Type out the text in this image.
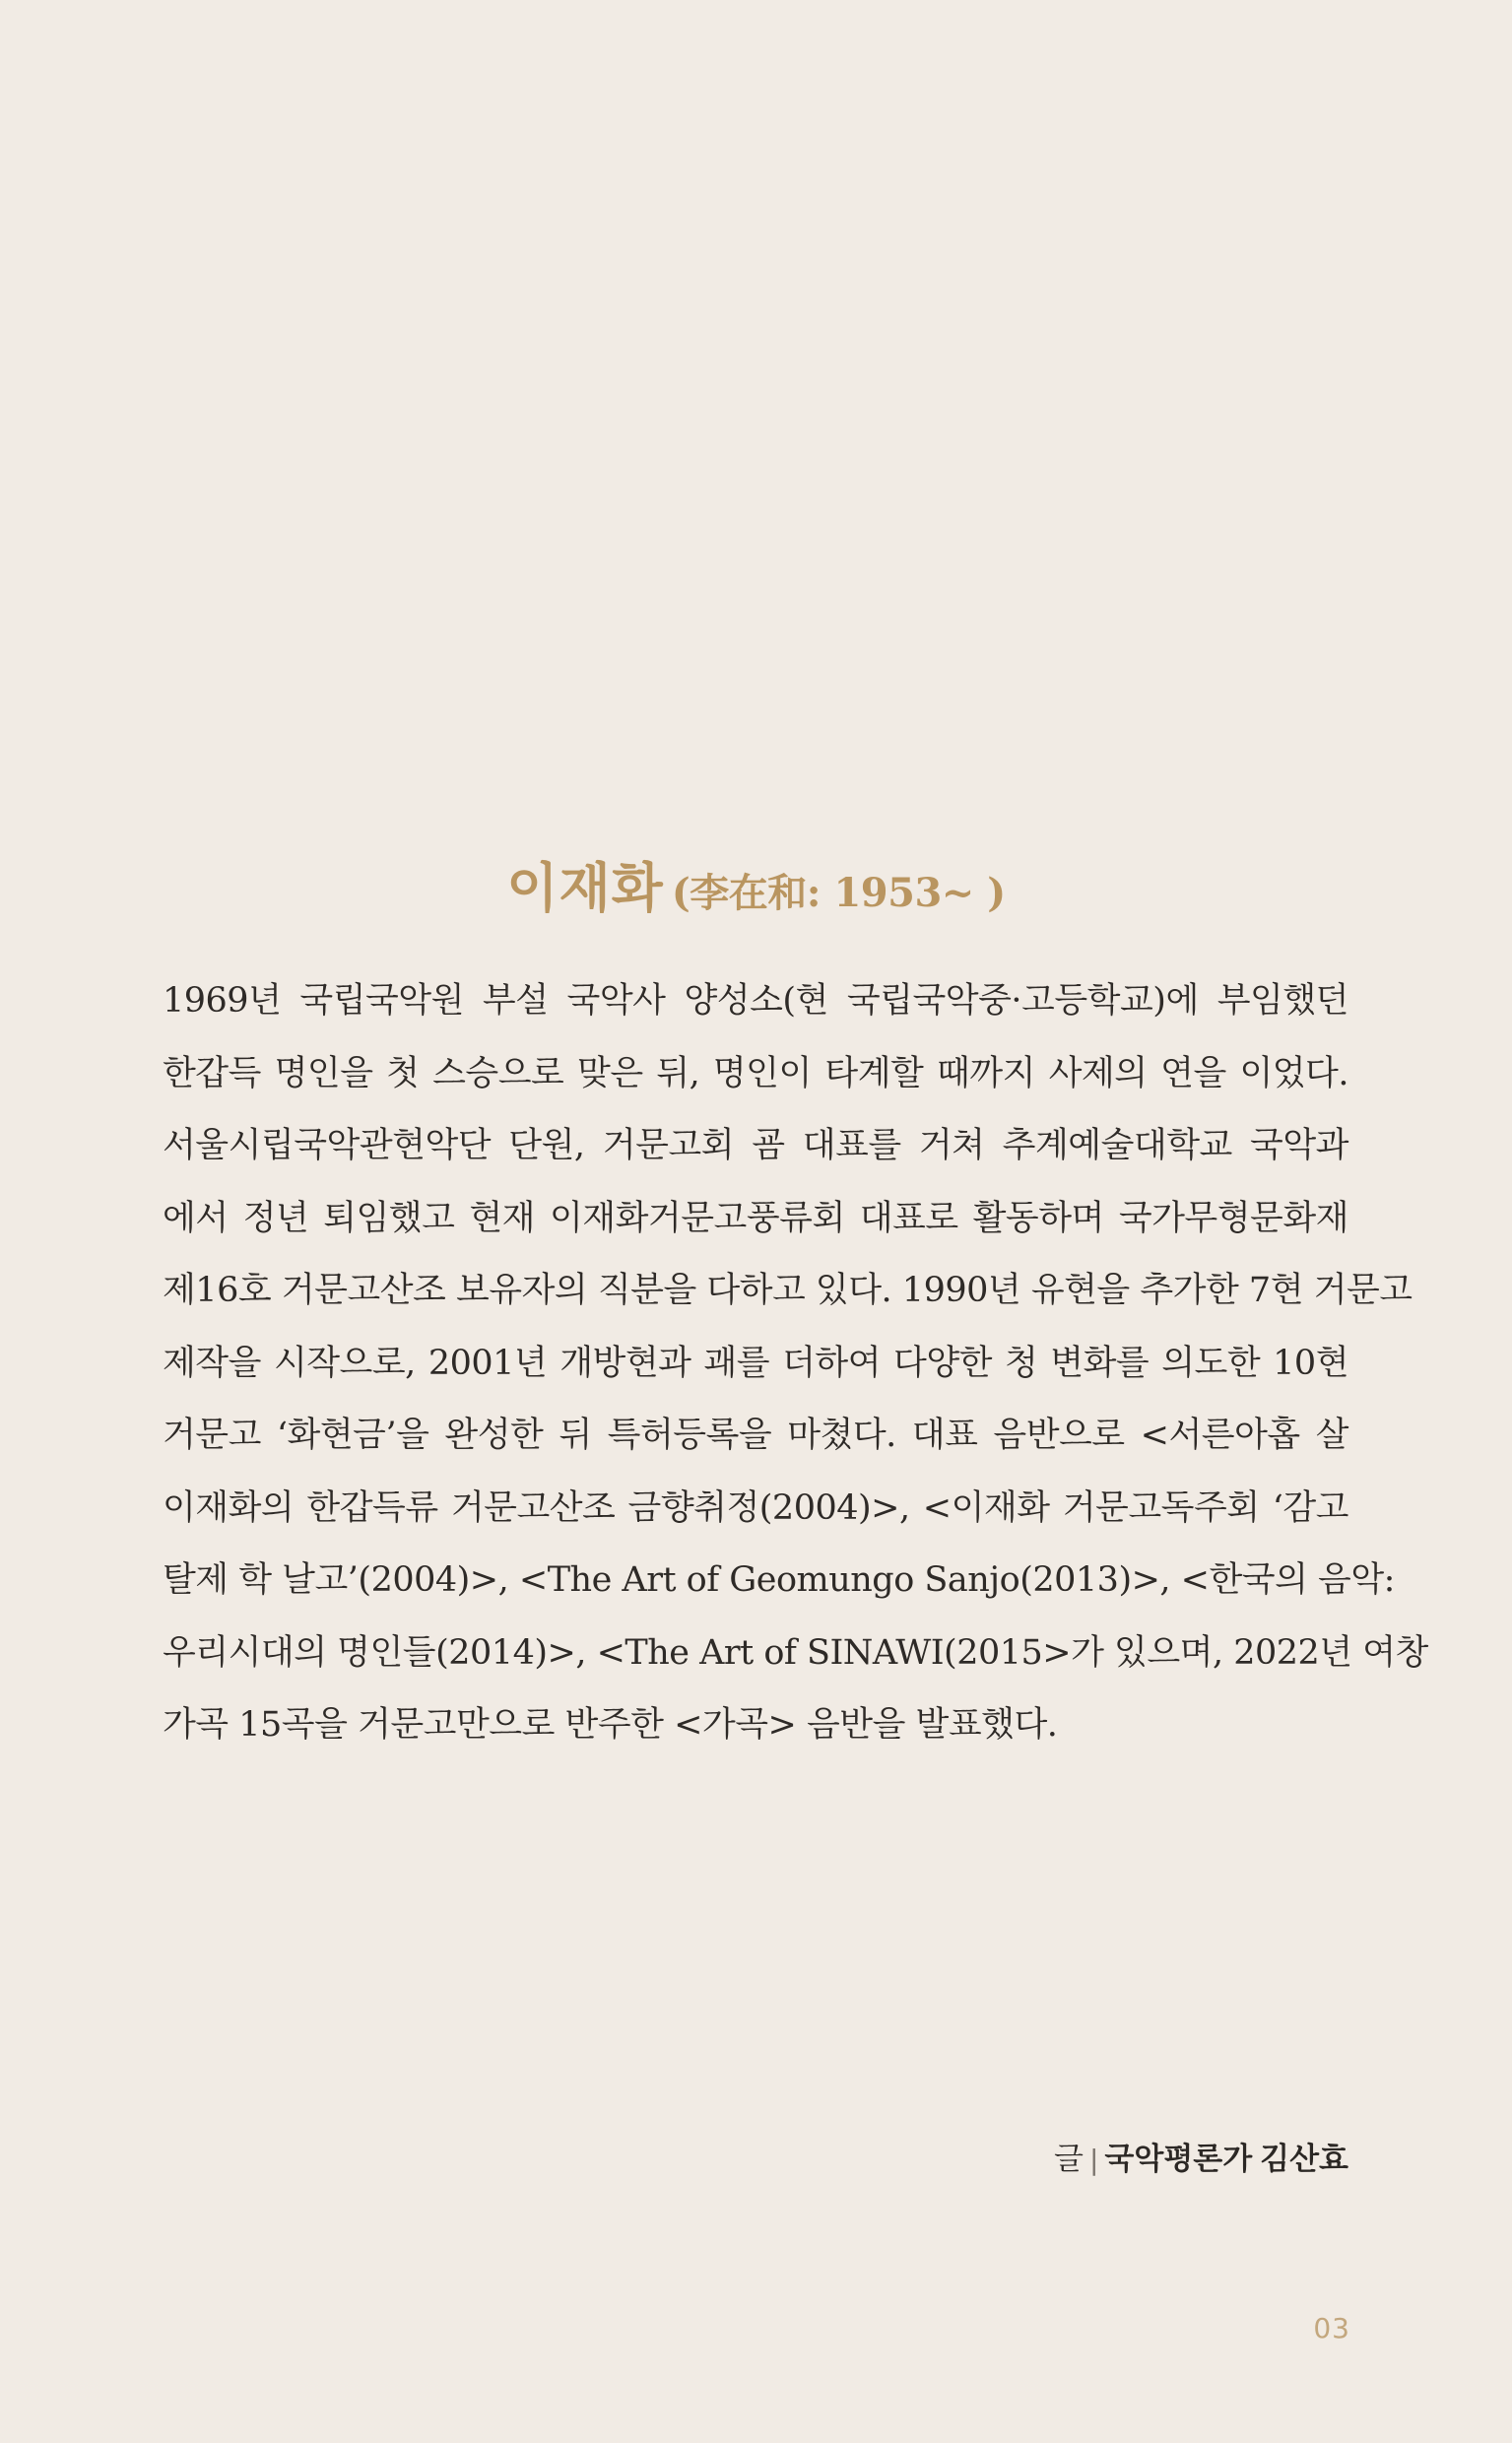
이재화 (李在和: 1953~ )
1969년 국립국악원 부설 국악사 양성소(현 국립국악중·고등학교)에 부임했던
한갑득 명인을 첫 스승으로 맞은 뒤, 명인이 타계할 때까지 사제의 연을 이었다.
서울시립국악관현악단 단원, 거문고회 굠 대표를 거쳐 추계예술대학교 국악과
에서 정년 퇴임했고 현재 이재화거문고풍류회 대표로 활동하며 국가무형문화재
제16호 거문고산조 보유자의 직분을 다하고 있다. 1990년 유현을 추가한 7현 거문고
제작을 시작으로, 2001년 개방현과 괘를 더하여 다양한 청 변화를 의도한 10현
거문고 ‘화현금’을 완성한 뒤 특허등록을 마쳤다. 대표 음반으로 <서른아홉 살
이재화의 한갑득류 거문고산조 금향취정(2004)>, <이재화 거문고독주회 ‘감고
탈제 학 날고’(2004)>, <The Art of Geomungo Sanjo(2013)>, <한국의 음악:
우리시대의 명인들(2014)>, <The Art of SINAWI(2015>가 있으며, 2022년 여창
가곡 15곡을 거문고만으로 반주한 <가곡> 음반을 발표했다.
글 | 국악평론가 김산효
03
